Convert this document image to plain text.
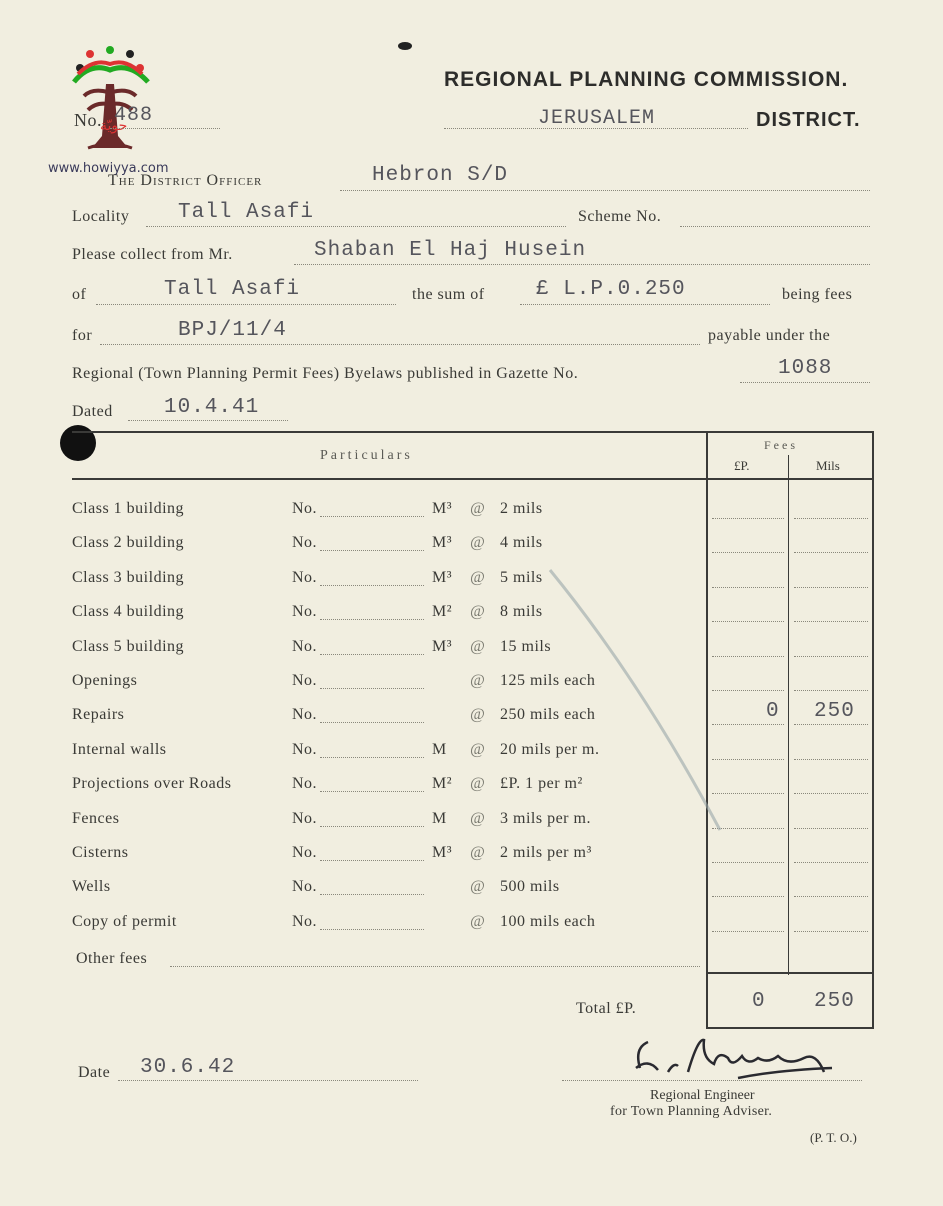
حويّة
www.howiyya.com
No. 488
REGIONAL PLANNING COMMISSION.
JERUSALEM	DISTRICT.
The District Officer	Hebron S/D
Locality Tall Asafi	Scheme No.
Please collect from Mr.	Shaban El Haj Husein
of	Tall Asafi	the sum of £ L.P.0.250	being fees
for	BPJ/11/4	payable under the
Regional (Town Planning Permit Fees) Byelaws published in Gazette No.	1088
Dated 10.4.41
Particulars
Fees
£P.	Mils
Class 1 building	No.	M³ @ 2 mils
Class 2 building	No.	M³ @ 4 mils
Class 3 building	No.	M³ @ 5 mils
Class 4 building	No.	M² @ 8 mils
Class 5 building	No.	M³ @ 15 mils
Openings	No.	@ 125 mils each
Repairs	No.	@ 250 mils each	0 250
Internal walls	No.	M @ 20 mils per m.
Projections over Roads	No.	M² @ £P. 1 per m²
Fences	No.	M @ 3 mils per m.
Cisterns	No.	M³ @ 2 mils per m³
Wells	No.	@ 500 mils
Copy of permit	No.	@ 100 mils each
Other fees
Total £P.	0 250
Date 30.6.42
Regional Engineer
for Town Planning Adviser.
(P. T. O.)
